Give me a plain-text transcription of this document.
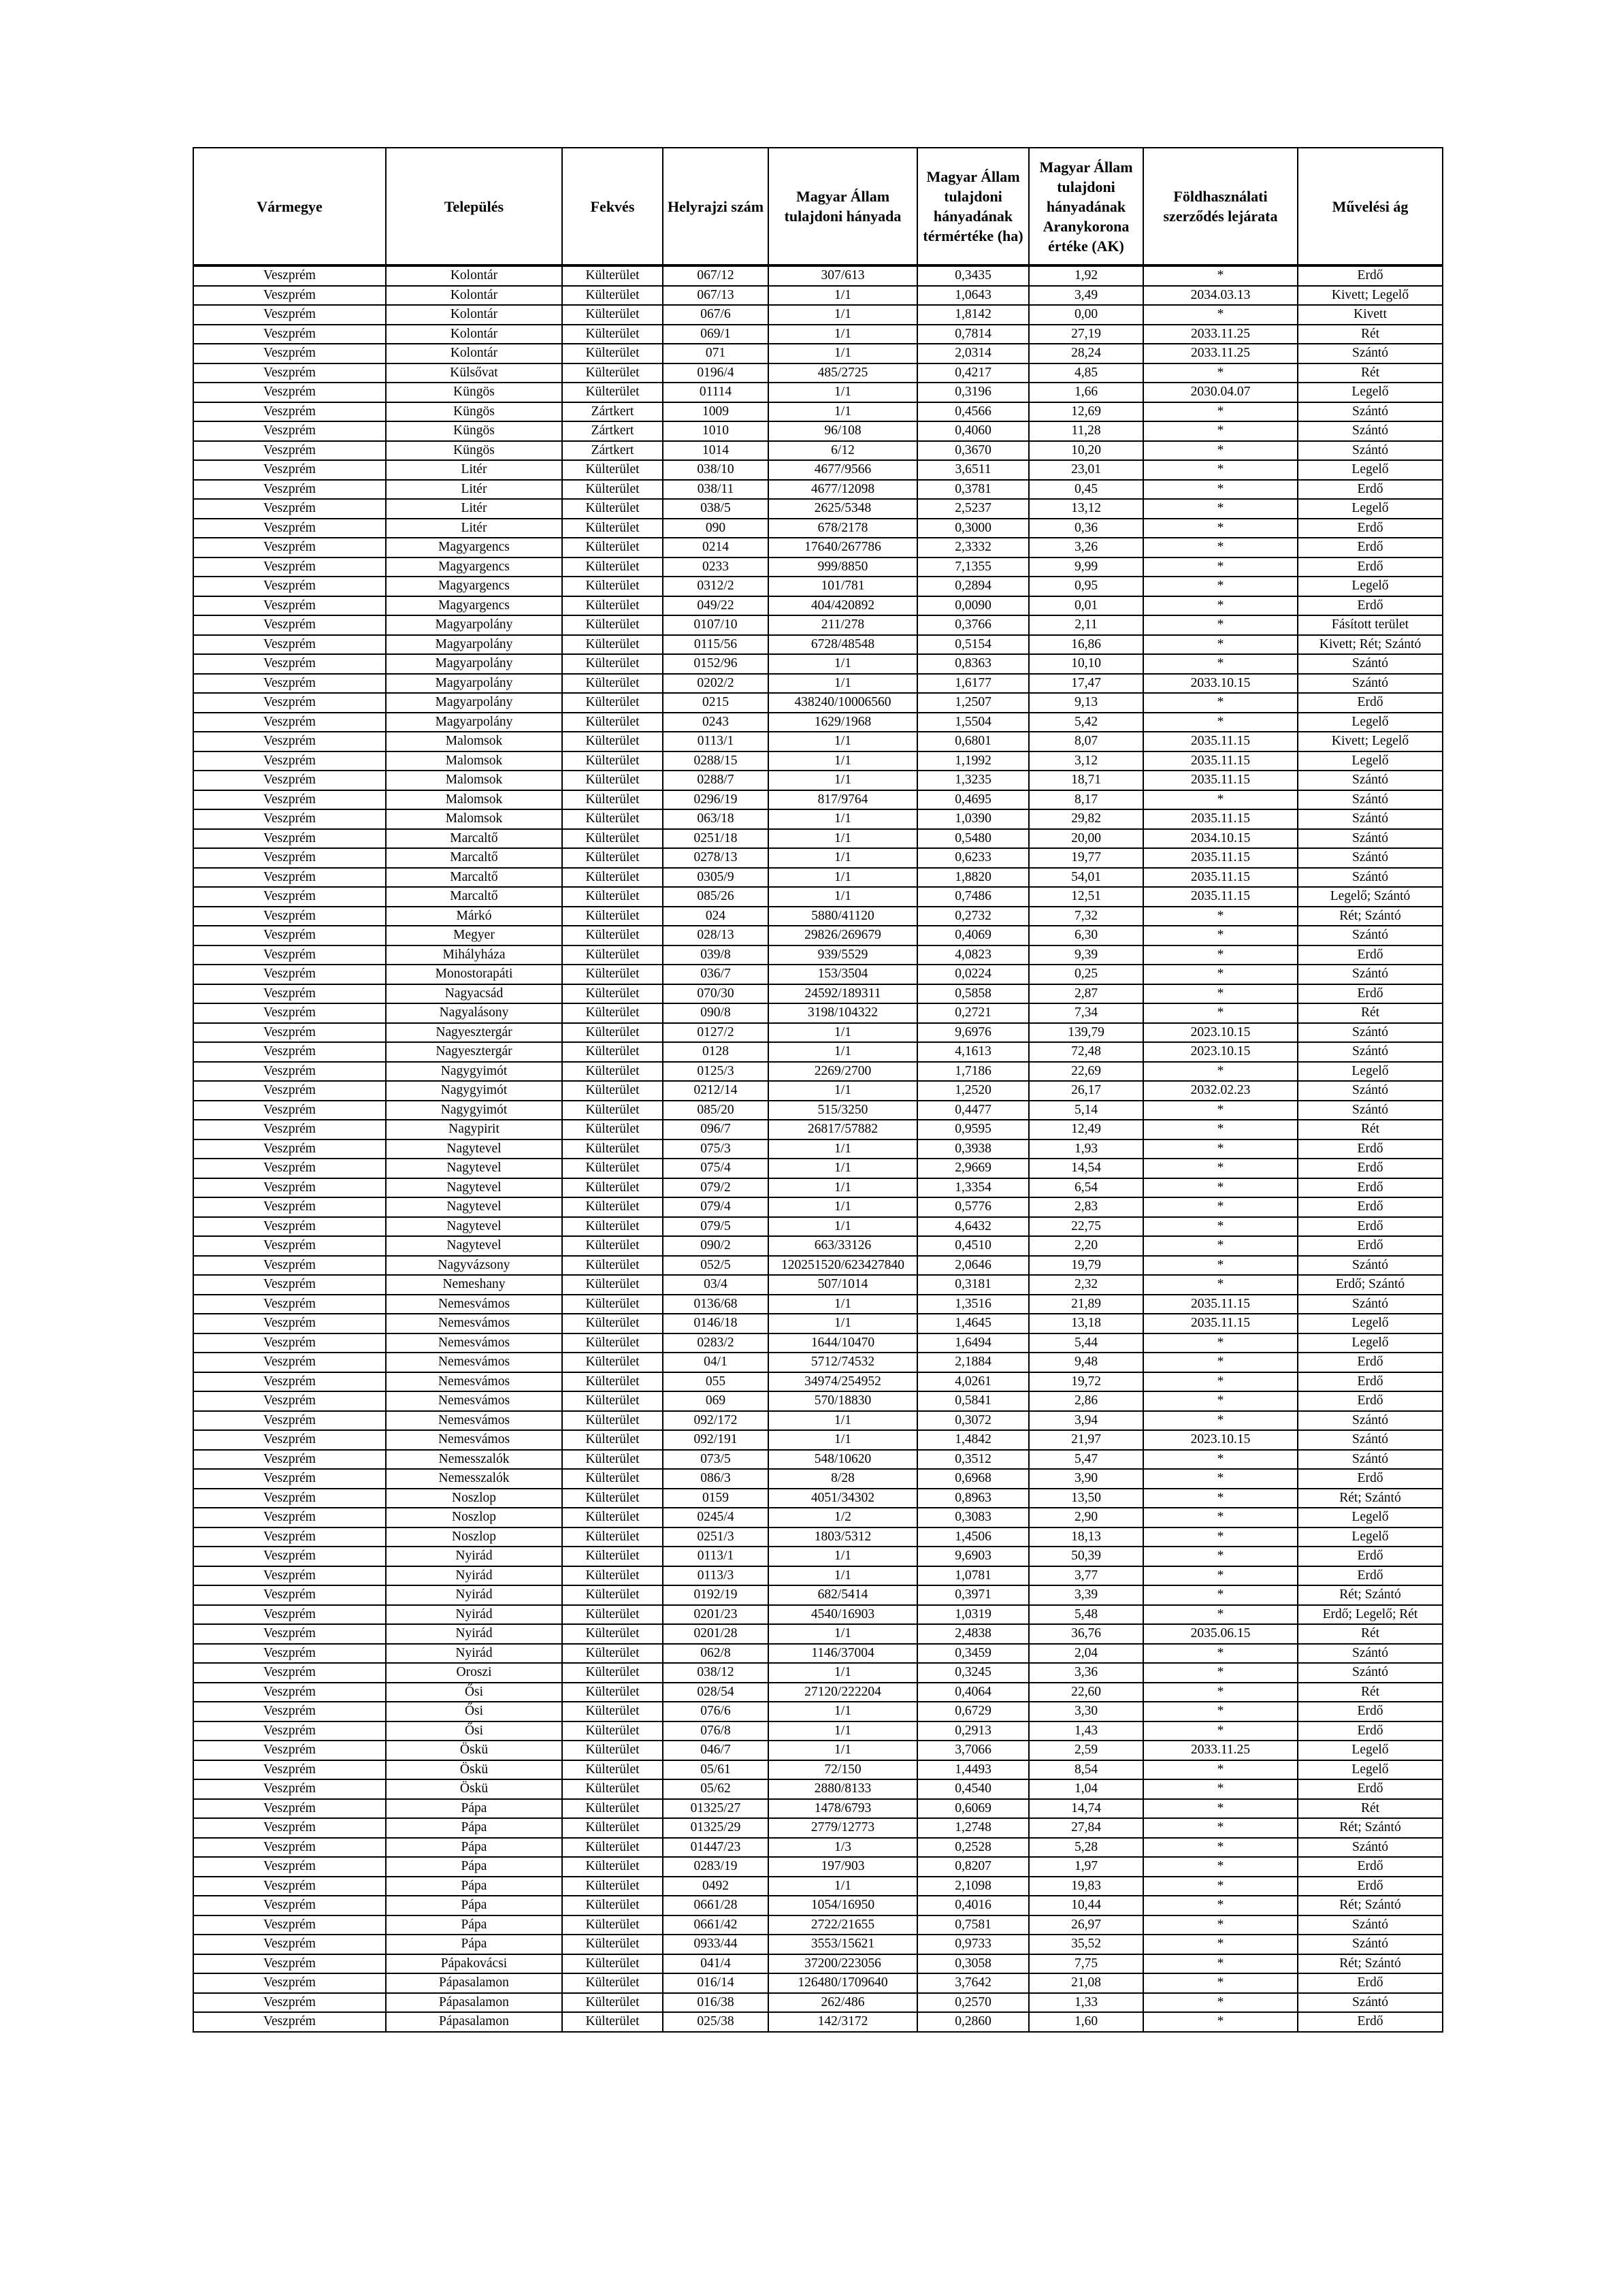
Vármegye	Település	Fekvés	Helyrajzi szám	Magyar Állam tulajdoni hányada	Magyar Állam tulajdoni hányadának térmértéke (ha)	Magyar Állam tulajdoni hányadának Aranykorona értéke (AK)	Földhasználati szerződés lejárata	Művelési ág
Veszprém	Kolontár	Külterület	067/12	307/613	0,3435	1,92	*	Erdő
Veszprém	Kolontár	Külterület	067/13	1/1	1,0643	3,49	2034.03.13	Kivett; Legelő
Veszprém	Kolontár	Külterület	067/6	1/1	1,8142	0,00	*	Kivett
Veszprém	Kolontár	Külterület	069/1	1/1	0,7814	27,19	2033.11.25	Rét
Veszprém	Kolontár	Külterület	071	1/1	2,0314	28,24	2033.11.25	Szántó
Veszprém	Külsővat	Külterület	0196/4	485/2725	0,4217	4,85	*	Rét
Veszprém	Küngös	Külterület	01114	1/1	0,3196	1,66	2030.04.07	Legelő
Veszprém	Küngös	Zártkert	1009	1/1	0,4566	12,69	*	Szántó
Veszprém	Küngös	Zártkert	1010	96/108	0,4060	11,28	*	Szántó
Veszprém	Küngös	Zártkert	1014	6/12	0,3670	10,20	*	Szántó
Veszprém	Litér	Külterület	038/10	4677/9566	3,6511	23,01	*	Legelő
Veszprém	Litér	Külterület	038/11	4677/12098	0,3781	0,45	*	Erdő
Veszprém	Litér	Külterület	038/5	2625/5348	2,5237	13,12	*	Legelő
Veszprém	Litér	Külterület	090	678/2178	0,3000	0,36	*	Erdő
Veszprém	Magyargencs	Külterület	0214	17640/267786	2,3332	3,26	*	Erdő
Veszprém	Magyargencs	Külterület	0233	999/8850	7,1355	9,99	*	Erdő
Veszprém	Magyargencs	Külterület	0312/2	101/781	0,2894	0,95	*	Legelő
Veszprém	Magyargencs	Külterület	049/22	404/420892	0,0090	0,01	*	Erdő
Veszprém	Magyarpolány	Külterület	0107/10	211/278	0,3766	2,11	*	Fásított terület
Veszprém	Magyarpolány	Külterület	0115/56	6728/48548	0,5154	16,86	*	Kivett; Rét; Szántó
Veszprém	Magyarpolány	Külterület	0152/96	1/1	0,8363	10,10	*	Szántó
Veszprém	Magyarpolány	Külterület	0202/2	1/1	1,6177	17,47	2033.10.15	Szántó
Veszprém	Magyarpolány	Külterület	0215	438240/10006560	1,2507	9,13	*	Erdő
Veszprém	Magyarpolány	Külterület	0243	1629/1968	1,5504	5,42	*	Legelő
Veszprém	Malomsok	Külterület	0113/1	1/1	0,6801	8,07	2035.11.15	Kivett; Legelő
Veszprém	Malomsok	Külterület	0288/15	1/1	1,1992	3,12	2035.11.15	Legelő
Veszprém	Malomsok	Külterület	0288/7	1/1	1,3235	18,71	2035.11.15	Szántó
Veszprém	Malomsok	Külterület	0296/19	817/9764	0,4695	8,17	*	Szántó
Veszprém	Malomsok	Külterület	063/18	1/1	1,0390	29,82	2035.11.15	Szántó
Veszprém	Marcaltő	Külterület	0251/18	1/1	0,5480	20,00	2034.10.15	Szántó
Veszprém	Marcaltő	Külterület	0278/13	1/1	0,6233	19,77	2035.11.15	Szántó
Veszprém	Marcaltő	Külterület	0305/9	1/1	1,8820	54,01	2035.11.15	Szántó
Veszprém	Marcaltő	Külterület	085/26	1/1	0,7486	12,51	2035.11.15	Legelő; Szántó
Veszprém	Márkó	Külterület	024	5880/41120	0,2732	7,32	*	Rét; Szántó
Veszprém	Megyer	Külterület	028/13	29826/269679	0,4069	6,30	*	Szántó
Veszprém	Mihályháza	Külterület	039/8	939/5529	4,0823	9,39	*	Erdő
Veszprém	Monostorapáti	Külterület	036/7	153/3504	0,0224	0,25	*	Szántó
Veszprém	Nagyacsád	Külterület	070/30	24592/189311	0,5858	2,87	*	Erdő
Veszprém	Nagyalásony	Külterület	090/8	3198/104322	0,2721	7,34	*	Rét
Veszprém	Nagyesztergár	Külterület	0127/2	1/1	9,6976	139,79	2023.10.15	Szántó
Veszprém	Nagyesztergár	Külterület	0128	1/1	4,1613	72,48	2023.10.15	Szántó
Veszprém	Nagygyimót	Külterület	0125/3	2269/2700	1,7186	22,69	*	Legelő
Veszprém	Nagygyimót	Külterület	0212/14	1/1	1,2520	26,17	2032.02.23	Szántó
Veszprém	Nagygyimót	Külterület	085/20	515/3250	0,4477	5,14	*	Szántó
Veszprém	Nagypirit	Külterület	096/7	26817/57882	0,9595	12,49	*	Rét
Veszprém	Nagytevel	Külterület	075/3	1/1	0,3938	1,93	*	Erdő
Veszprém	Nagytevel	Külterület	075/4	1/1	2,9669	14,54	*	Erdő
Veszprém	Nagytevel	Külterület	079/2	1/1	1,3354	6,54	*	Erdő
Veszprém	Nagytevel	Külterület	079/4	1/1	0,5776	2,83	*	Erdő
Veszprém	Nagytevel	Külterület	079/5	1/1	4,6432	22,75	*	Erdő
Veszprém	Nagytevel	Külterület	090/2	663/33126	0,4510	2,20	*	Erdő
Veszprém	Nagyvázsony	Külterület	052/5	120251520/623427840	2,0646	19,79	*	Szántó
Veszprém	Nemeshany	Külterület	03/4	507/1014	0,3181	2,32	*	Erdő; Szántó
Veszprém	Nemesvámos	Külterület	0136/68	1/1	1,3516	21,89	2035.11.15	Szántó
Veszprém	Nemesvámos	Külterület	0146/18	1/1	1,4645	13,18	2035.11.15	Legelő
Veszprém	Nemesvámos	Külterület	0283/2	1644/10470	1,6494	5,44	*	Legelő
Veszprém	Nemesvámos	Külterület	04/1	5712/74532	2,1884	9,48	*	Erdő
Veszprém	Nemesvámos	Külterület	055	34974/254952	4,0261	19,72	*	Erdő
Veszprém	Nemesvámos	Külterület	069	570/18830	0,5841	2,86	*	Erdő
Veszprém	Nemesvámos	Külterület	092/172	1/1	0,3072	3,94	*	Szántó
Veszprém	Nemesvámos	Külterület	092/191	1/1	1,4842	21,97	2023.10.15	Szántó
Veszprém	Nemesszalók	Külterület	073/5	548/10620	0,3512	5,47	*	Szántó
Veszprém	Nemesszalók	Külterület	086/3	8/28	0,6968	3,90	*	Erdő
Veszprém	Noszlop	Külterület	0159	4051/34302	0,8963	13,50	*	Rét; Szántó
Veszprém	Noszlop	Külterület	0245/4	1/2	0,3083	2,90	*	Legelő
Veszprém	Noszlop	Külterület	0251/3	1803/5312	1,4506	18,13	*	Legelő
Veszprém	Nyirád	Külterület	0113/1	1/1	9,6903	50,39	*	Erdő
Veszprém	Nyirád	Külterület	0113/3	1/1	1,0781	3,77	*	Erdő
Veszprém	Nyirád	Külterület	0192/19	682/5414	0,3971	3,39	*	Rét; Szántó
Veszprém	Nyirád	Külterület	0201/23	4540/16903	1,0319	5,48	*	Erdő; Legelő; Rét
Veszprém	Nyirád	Külterület	0201/28	1/1	2,4838	36,76	2035.06.15	Rét
Veszprém	Nyirád	Külterület	062/8	1146/37004	0,3459	2,04	*	Szántó
Veszprém	Oroszi	Külterület	038/12	1/1	0,3245	3,36	*	Szántó
Veszprém	Ősi	Külterület	028/54	27120/222204	0,4064	22,60	*	Rét
Veszprém	Ősi	Külterület	076/6	1/1	0,6729	3,30	*	Erdő
Veszprém	Ősi	Külterület	076/8	1/1	0,2913	1,43	*	Erdő
Veszprém	Öskü	Külterület	046/7	1/1	3,7066	2,59	2033.11.25	Legelő
Veszprém	Öskü	Külterület	05/61	72/150	1,4493	8,54	*	Legelő
Veszprém	Öskü	Külterület	05/62	2880/8133	0,4540	1,04	*	Erdő
Veszprém	Pápa	Külterület	01325/27	1478/6793	0,6069	14,74	*	Rét
Veszprém	Pápa	Külterület	01325/29	2779/12773	1,2748	27,84	*	Rét; Szántó
Veszprém	Pápa	Külterület	01447/23	1/3	0,2528	5,28	*	Szántó
Veszprém	Pápa	Külterület	0283/19	197/903	0,8207	1,97	*	Erdő
Veszprém	Pápa	Külterület	0492	1/1	2,1098	19,83	*	Erdő
Veszprém	Pápa	Külterület	0661/28	1054/16950	0,4016	10,44	*	Rét; Szántó
Veszprém	Pápa	Külterület	0661/42	2722/21655	0,7581	26,97	*	Szántó
Veszprém	Pápa	Külterület	0933/44	3553/15621	0,9733	35,52	*	Szántó
Veszprém	Pápakovácsi	Külterület	041/4	37200/223056	0,3058	7,75	*	Rét; Szántó
Veszprém	Pápasalamon	Külterület	016/14	126480/1709640	3,7642	21,08	*	Erdő
Veszprém	Pápasalamon	Külterület	016/38	262/486	0,2570	1,33	*	Szántó
Veszprém	Pápasalamon	Külterület	025/38	142/3172	0,2860	1,60	*	Erdő
